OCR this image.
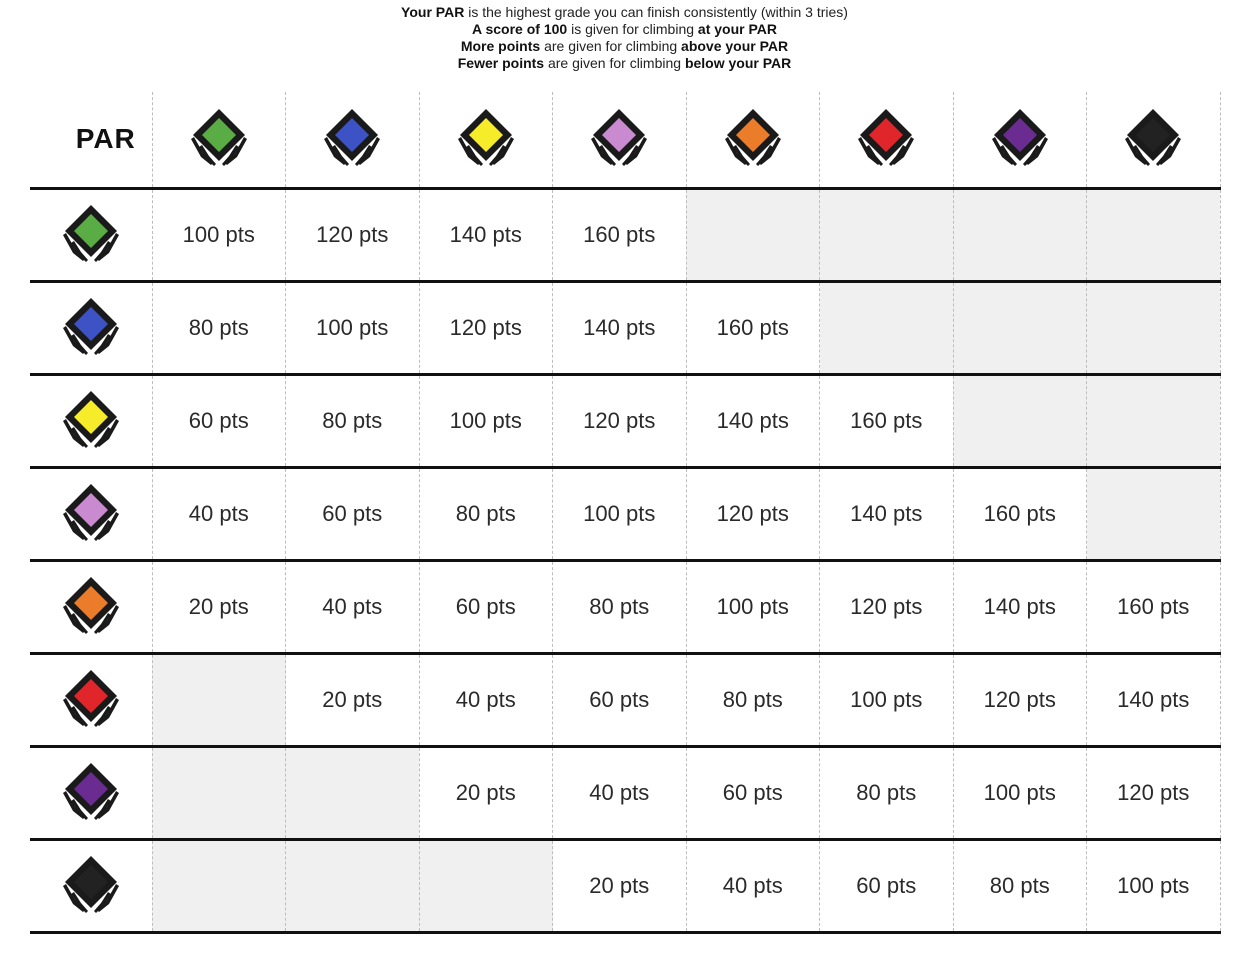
Your PAR is the highest grade you can finish consistently (within 3 tries)
A score of 100 is given for climbing at your PAR
More points are given for climbing above your PAR
Fewer points are given for climbing below your PAR
PAR	

	100 pts	120 pts	140 pts	160 pts				

	80 pts	100 pts	120 pts	140 pts	160 pts			

	60 pts	80 pts	100 pts	120 pts	140 pts	160 pts		

	40 pts	60 pts	80 pts	100 pts	120 pts	140 pts	160 pts	

	20 pts	40 pts	60 pts	80 pts	100 pts	120 pts	140 pts	160 pts

		20 pts	40 pts	60 pts	80 pts	100 pts	120 pts	140 pts

			20 pts	40 pts	60 pts	80 pts	100 pts	120 pts

				20 pts	40 pts	60 pts	80 pts	100 pts
